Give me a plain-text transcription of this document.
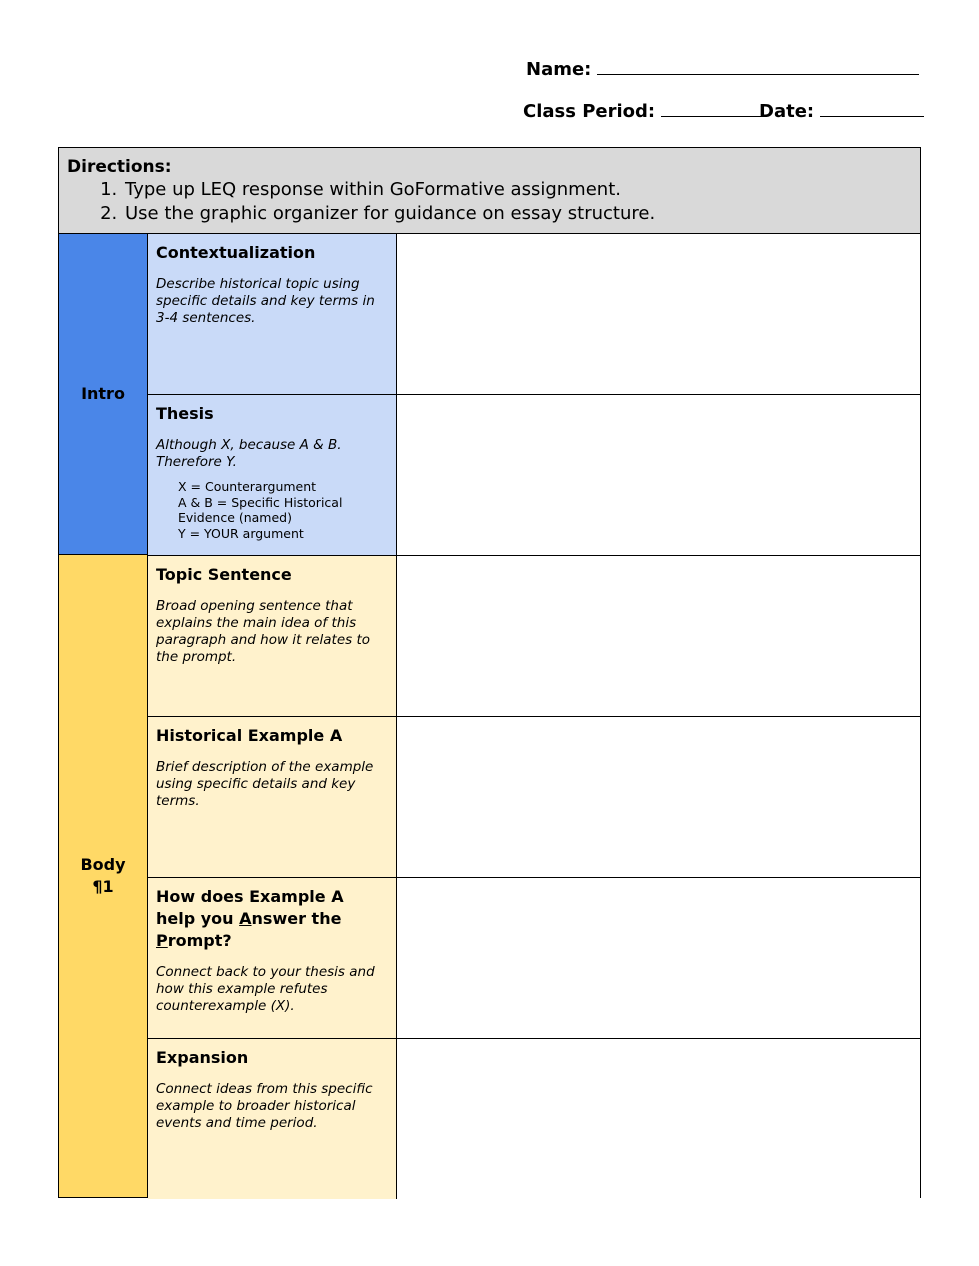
Name:
Class Period:	Date:
Directions:
1. Type up LEQ response within GoFormative assignment.
2. Use the graphic organizer for guidance on essay structure.
Intro
Body
¶1
Contextualization

Describe historical topic using specific details and key terms in 3-4 sentences.

Thesis

Although X, because A & B. Therefore Y.

X = Counterargument
A & B = Specific Historical Evidence (named)
Y = YOUR argument
Topic Sentence

Broad opening sentence that explains the main idea of this paragraph and how it relates to the prompt.

Historical Example A

Brief description of the example using specific details and key terms.

How does Example A help you Answer the Prompt?

Connect back to your thesis and how this example refutes counterexample (X).

Expansion

Connect ideas from this specific example to broader historical events and time period.
